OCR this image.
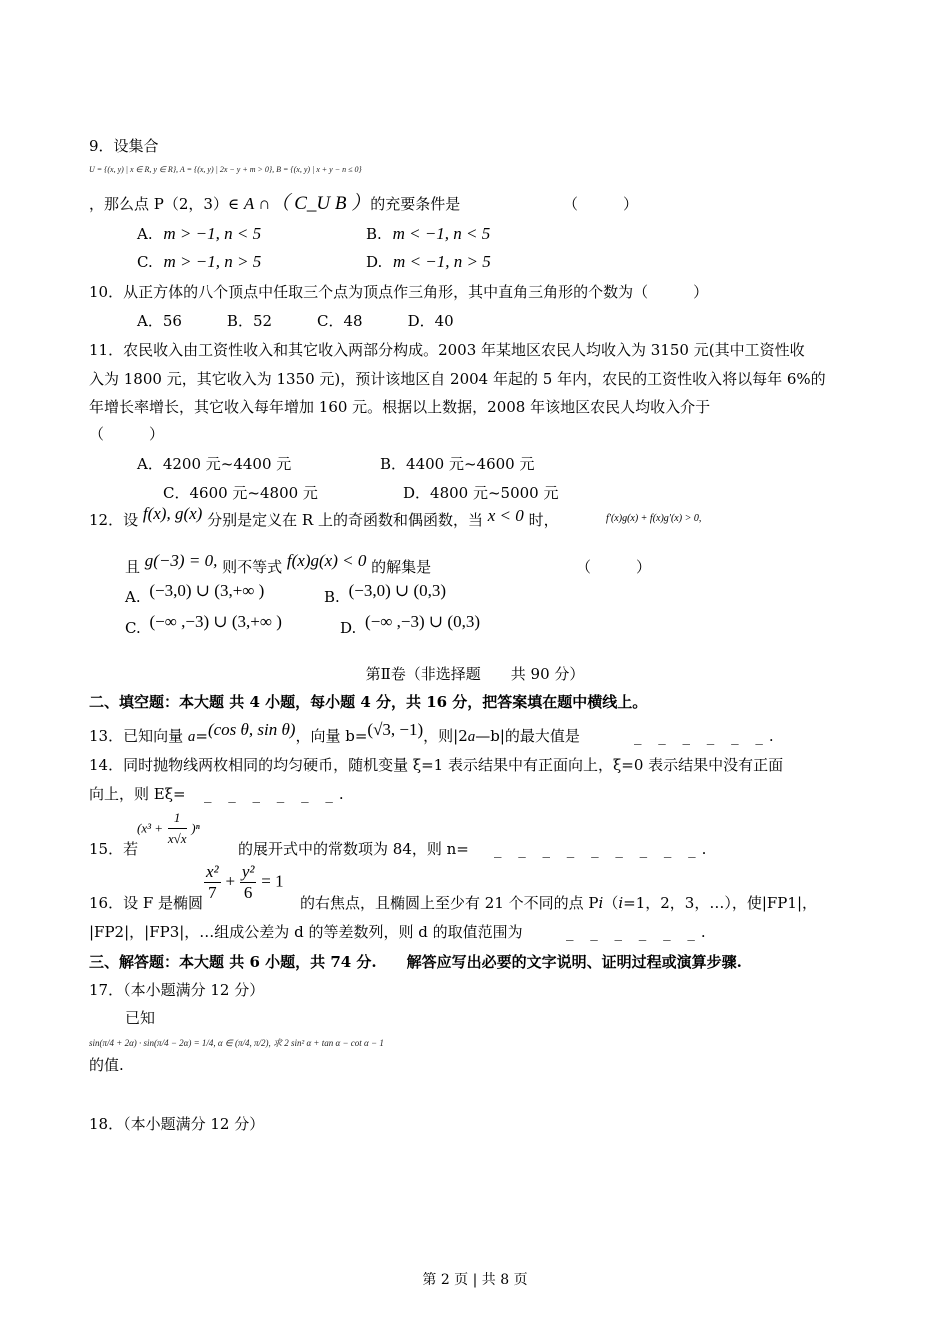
9．设集合
U = {(x, y) | x ∈ R, y ∈ R}, A = {(x, y) | 2x − y + m > 0}, B = {(x, y) | x + y − n ≤ 0}
，那么点 P（2，3）∈ A ∩（ C_U B ）的充要条件是	（　　　）
A. m > −1, n < 5	B. m < −1, n < 5
C. m > −1, n > 5	D. m < −1, n > 5
10．从正方体的八个顶点中任取三个点为顶点作三角形，其中直角三角形的个数为（　　　）
A．56　　　B．52　　　C．48　　　D．40
11．农民收入由工资性收入和其它收入两部分构成。2003 年某地区农民人均收入为 3150 元(其中工资性收
入为 1800 元，其它收入为 1350 元)，预计该地区自 2004 年起的 5 年内，农民的工资性收入将以每年 6%的
年增长率增长，其它收入每年增加 160 元。根据以上数据，2008 年该地区农民人均收入介于
（　　　）
A．4200 元~4400 元	B．4400 元~4600 元
C．4600 元~4800 元	D．4800 元~5000 元
12．设 f(x), g(x) 分别是定义在 R 上的奇函数和偶函数，当 x < 0 时，	f′(x)g(x) + f(x)g′(x) > 0,
且 g(−3) = 0, 则不等式 f(x)g(x) < 0 的解集是	（　　　）
A. (−3,0) ∪ (3,+∞ )	B. (−3,0) ∪ (0,3)
C. (−∞ ,−3) ∪ (3,+∞ )	D. (−∞ ,−3) ∪ (0,3)
第Ⅱ卷（非选择题　　共 90 分）
二、填空题：本大题 共 4 小题，每小题 4 分，共 16 分，把答案填在题中横线上。
13．已知向量 a=(cos θ, sin θ)，向量 b=(√3, −1)，则|2a—b|的最大值是	_ _ _ _ _ _.
14．同时抛物线两枚相同的均匀硬币，随机变量 ξ=1 表示结果中有正面向上，ξ=0 表示结果中没有正面
向上，则 Eξ= _ _ _ _ _ _.
15．若
$(x^3 + \frac{1}{x√x} )^n$
的展开式中的常数项为 84，则 n= _ _ _ _ _ _ _ _ _.
16．设 F 是椭圆 $\frac{\text{x²}}{7} + \frac{\text{y²}}{6} = 1$
的右焦点，且椭圆上至少有 21 个不同的点 Pi（i=1，2，3，…），使|FP1|，
|FP2|，|FP3|，…组成公差为 d 的等差数列，则 d 的取值范围为	_ _ _ _ _ _.
三、解答题：本大题 共 6 小题，共 74 分.　　解答应写出必要的文字说明、证明过程或演算步骤.
17．（本小题满分 12 分）
已知
sin(π/4 + 2α) · sin(π/4 − 2α) = 1/4, α ∈ (π/4, π/2), 求 2 sin² α + tan α − cot α − 1
的值.
18．（本小题满分 12 分）
第 2 页 | 共 8 页
